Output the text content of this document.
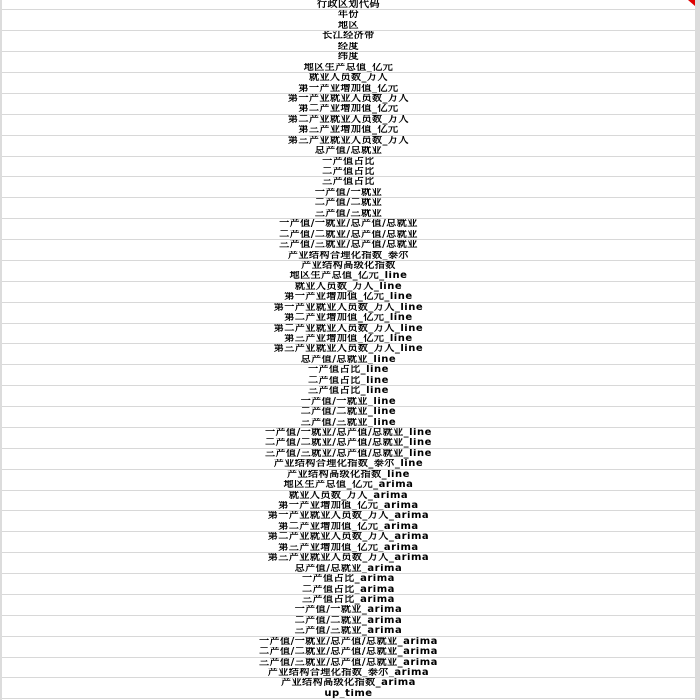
行政区划代码
年份
地区
长江经济带
经度
纬度
地区生产总值_亿元
就业人员数_万人
第一产业增加值_亿元
第一产业就业人员数_万人
第二产业增加值_亿元
第二产业就业人员数_万人
第三产业增加值_亿元
第三产业就业人员数_万人
总产值/总就业
一产值占比
二产值占比
三产值占比
一产值/一就业
二产值/二就业
三产值/三就业
一产值/一就业/总产值/总就业
二产值/二就业/总产值/总就业
三产值/三就业/总产值/总就业
产业结构合理化指数_泰尔
产业结构高级化指数
地区生产总值_亿元_line
就业人员数_万人_line
第一产业增加值_亿元_line
第一产业就业人员数_万人_line
第二产业增加值_亿元_line
第二产业就业人员数_万人_line
第三产业增加值_亿元_line
第三产业就业人员数_万人_line
总产值/总就业_line
一产值占比_line
二产值占比_line
三产值占比_line
一产值/一就业_line
二产值/二就业_line
三产值/三就业_line
一产值/一就业/总产值/总就业_line
二产值/二就业/总产值/总就业_line
三产值/三就业/总产值/总就业_line
产业结构合理化指数_泰尔_line
产业结构高级化指数_line
地区生产总值_亿元_arima
就业人员数_万人_arima
第一产业增加值_亿元_arima
第一产业就业人员数_万人_arima
第二产业增加值_亿元_arima
第二产业就业人员数_万人_arima
第三产业增加值_亿元_arima
第三产业就业人员数_万人_arima
总产值/总就业_arima
一产值占比_arima
二产值占比_arima
三产值占比_arima
一产值/一就业_arima
二产值/二就业_arima
三产值/三就业_arima
一产值/一就业/总产值/总就业_arima
二产值/二就业/总产值/总就业_arima
三产值/三就业/总产值/总就业_arima
产业结构合理化指数_泰尔_arima
产业结构高级化指数_arima
up_time
